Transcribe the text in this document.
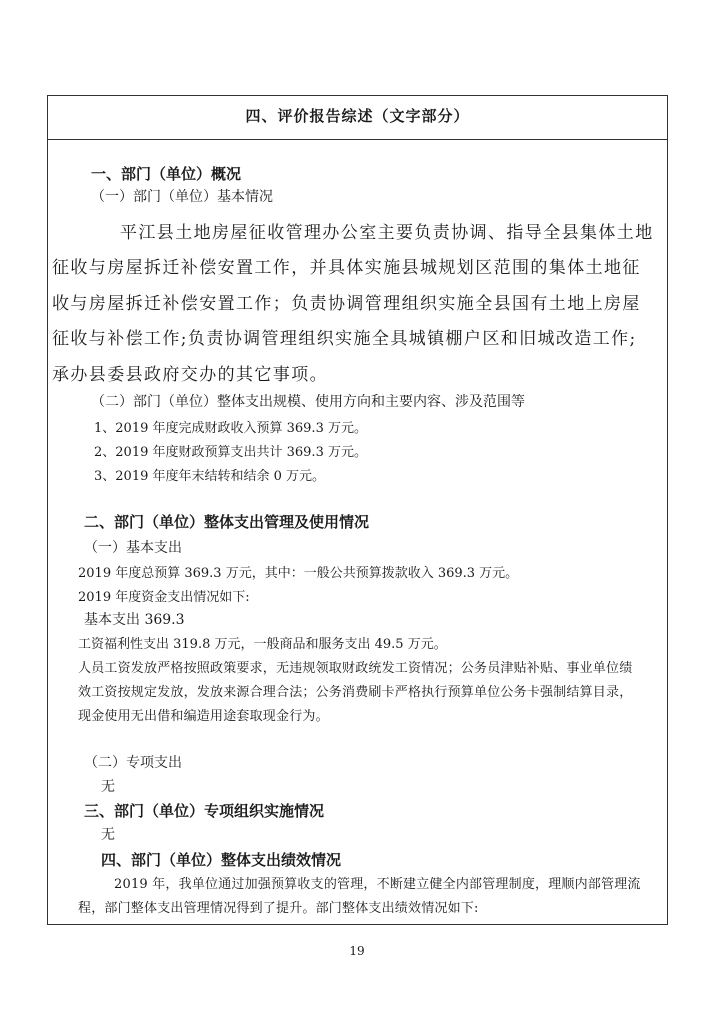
四、评价报告综述（文字部分）
一、部门（单位）概况
（一）部门（单位）基本情况
平江县土地房屋征收管理办公室主要负责协调、指导全县集体土地
征收与房屋拆迁补偿安置工作，并具体实施县城规划区范围的集体土地征
收与房屋拆迁补偿安置工作；负责协调管理组织实施全县国有土地上房屋
征收与补偿工作;负责协调管理组织实施全具城镇棚户区和旧城改造工作;
承办县委县政府交办的其它事项。
（二）部门（单位）整体支出规模、使用方向和主要内容、涉及范围等
1、2019 年度完成财政收入预算 369.3 万元。
2、2019 年度财政预算支出共计 369.3 万元。
3、2019 年度年末结转和结余 0 万元。
二、部门（单位）整体支出管理及使用情况
（一）基本支出
2019 年度总预算 369.3 万元，其中：一般公共预算拨款收入 369.3 万元。
2019 年度资金支出情况如下:
基本支出 369.3
工资福利性支出 319.8 万元，一般商品和服务支出 49.5 万元。
人员工资发放严格按照政策要求，无违规领取财政统发工资情况；公务员津贴补贴、事业单位绩
效工资按规定发放，发放来源合理合法；公务消费刷卡严格执行预算单位公务卡强制结算目录，
现金使用无出借和编造用途套取现金行为。
（二）专项支出
无
三、部门（单位）专项组织实施情况
无
四、部门（单位）整体支出绩效情况
2019 年，我单位通过加强预算收支的管理，不断建立健全内部管理制度，理顺内部管理流
程，部门整体支出管理情况得到了提升。部门整体支出绩效情况如下:
19
